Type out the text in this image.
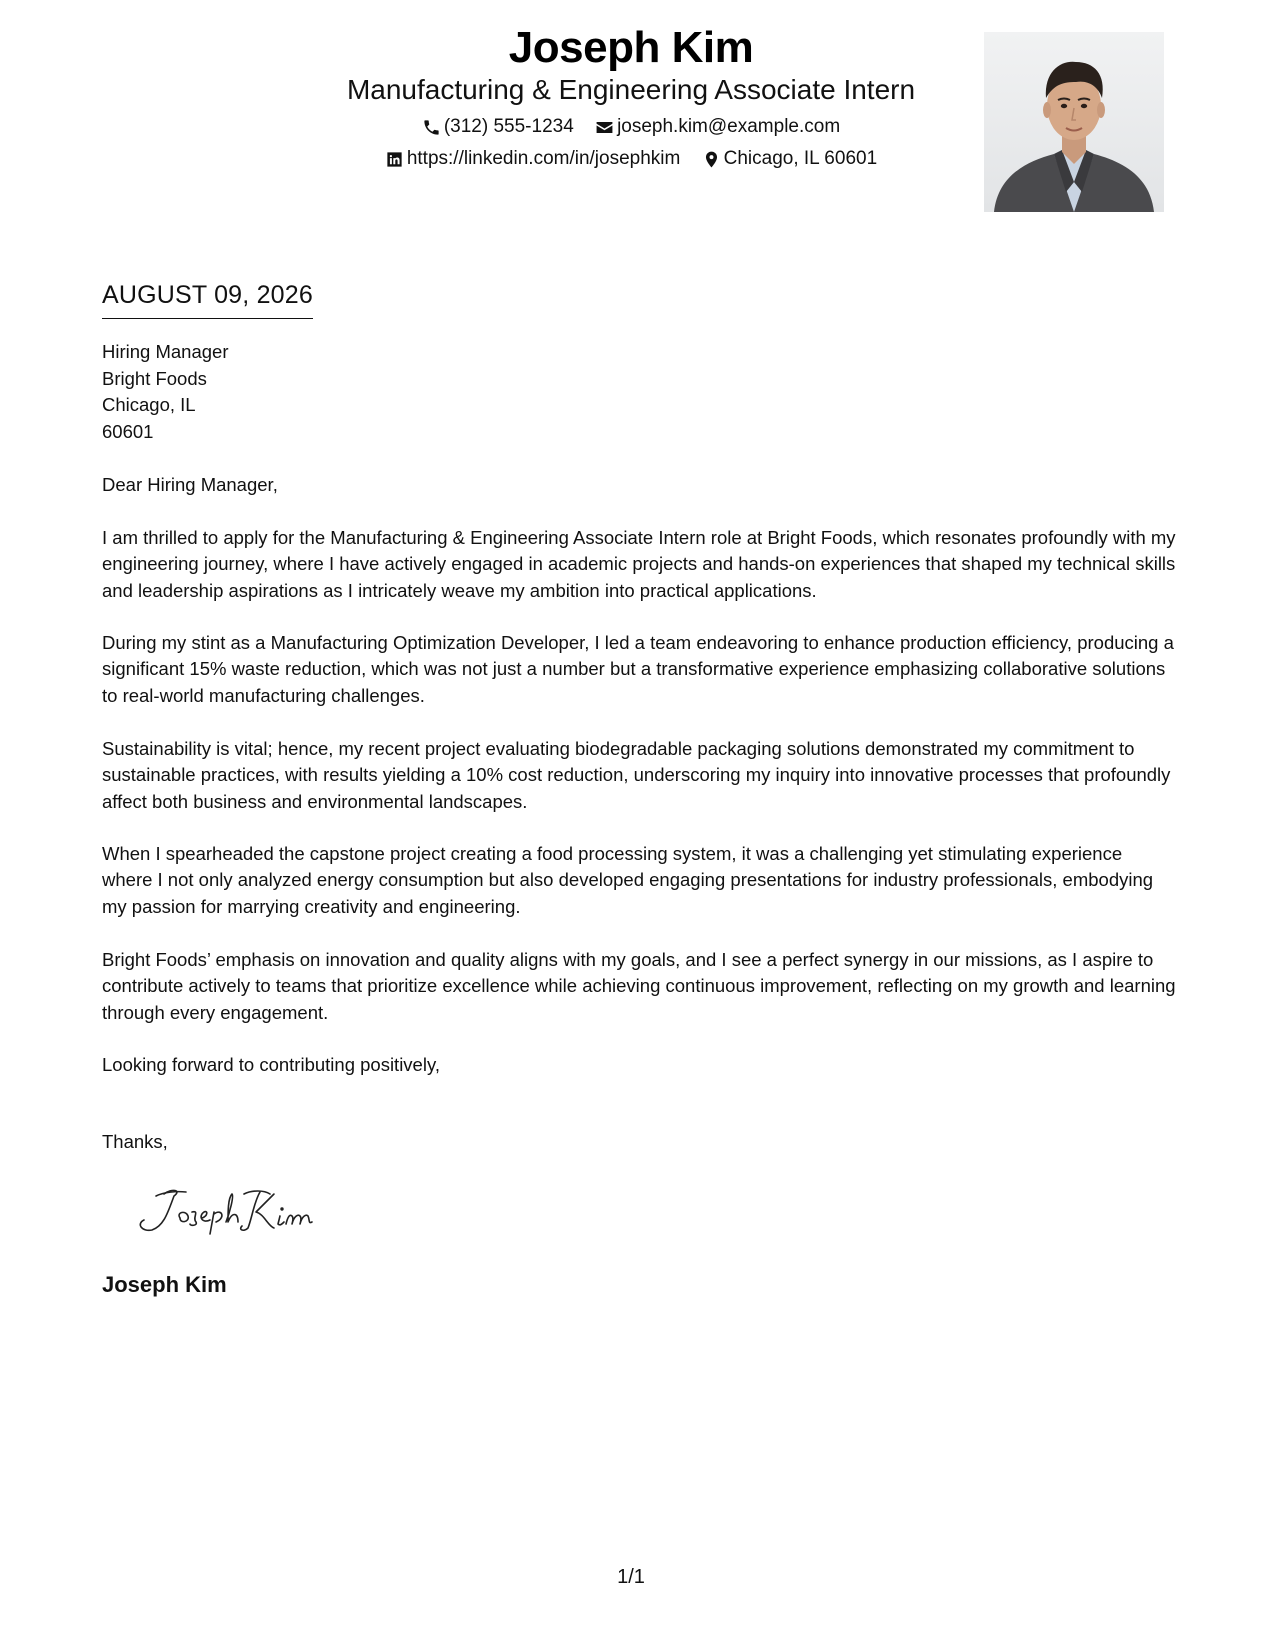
Joseph Kim
Manufacturing & Engineering Associate Intern
(312) 555-1234
joseph.kim@example.com
https://linkedin.com/in/josephkim
Chicago, IL 60601
AUGUST 09, 2026
Hiring Manager
Bright Foods
Chicago, IL
60601
Dear Hiring Manager,

I am thrilled to apply for the Manufacturing & Engineering Associate Intern role at Bright Foods, which resonates profoundly with my engineering journey, where I have actively engaged in academic projects and hands-on experiences that shaped my technical skills and leadership aspirations as I intricately weave my ambition into practical applications.

During my stint as a Manufacturing Optimization Developer, I led a team endeavoring to enhance production efficiency, producing a significant 15% waste reduction, which was not just a number but a transformative experience emphasizing collaborative solutions to real-world manufacturing challenges.

Sustainability is vital; hence, my recent project evaluating biodegradable packaging solutions demonstrated my commitment to sustainable practices, with results yielding a 10% cost reduction, underscoring my inquiry into innovative processes that profoundly affect both business and environmental landscapes.

When I spearheaded the capstone project creating a food processing system, it was a challenging yet stimulating experience where I not only analyzed energy consumption but also developed engaging presentations for industry professionals, embodying my passion for marrying creativity and engineering.

Bright Foods’ emphasis on innovation and quality aligns with my goals, and I see a perfect synergy in our missions, as I aspire to contribute actively to teams that prioritize excellence while achieving continuous improvement, reflecting on my growth and learning through every engagement.

Looking forward to contributing positively,
Thanks,
Joseph Kim
1/1
